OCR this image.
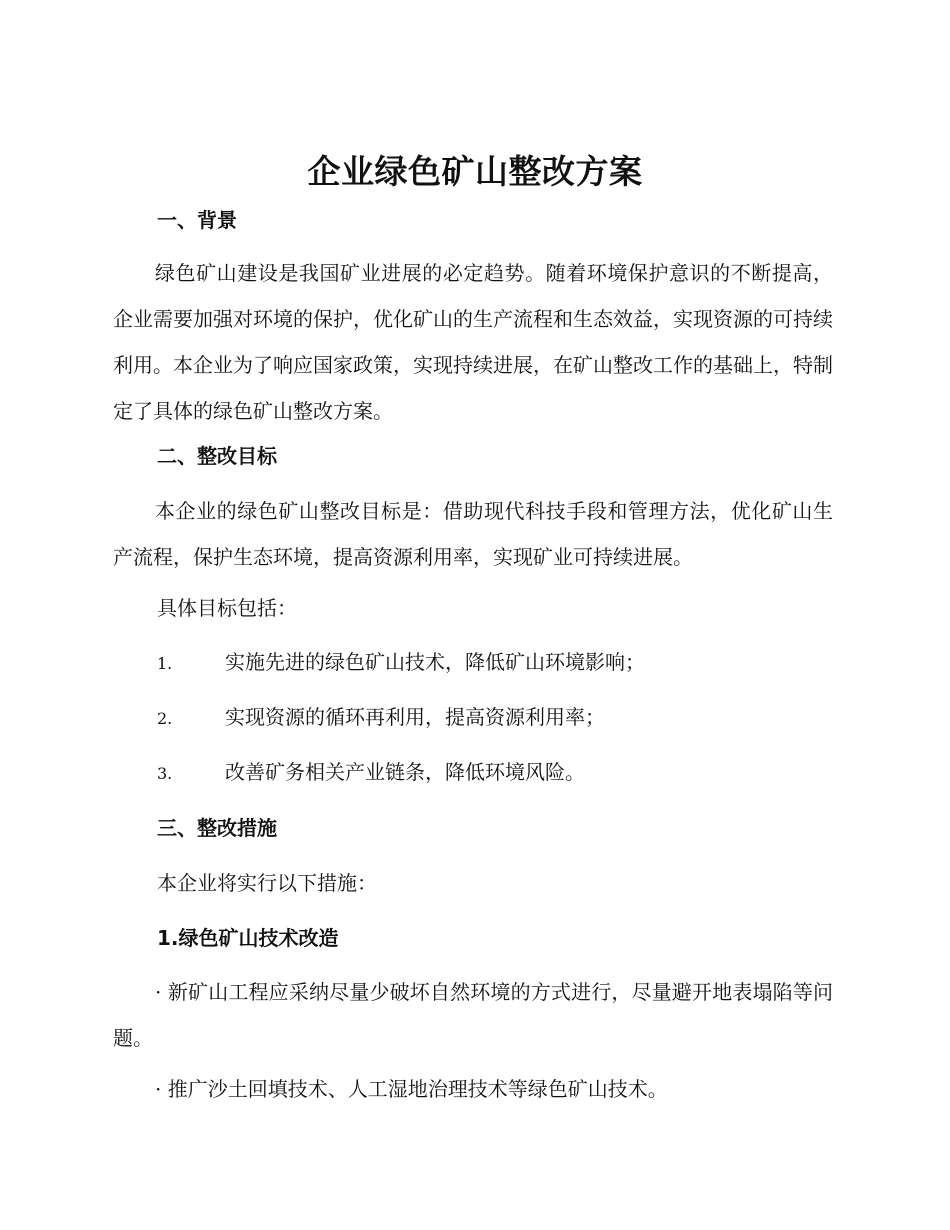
企业绿色矿山整改方案
一、背景

绿色矿山建设是我国矿业进展的必定趋势。随着环境保护意识的不断提高，企业需要加强对环境的保护，优化矿山的生产流程和生态效益，实现资源的可持续利用。本企业为了响应国家政策，实现持续进展，在矿山整改工作的基础上，特制定了具体的绿色矿山整改方案。

二、整改目标

本企业的绿色矿山整改目标是：借助现代科技手段和管理方法，优化矿山生产流程，保护生态环境，提高资源利用率，实现矿业可持续进展。

具体目标包括：
1.	实施先进的绿色矿山技术，降低矿山环境影响；
2.	实现资源的循环再利用，提高资源利用率；
3.	改善矿务相关产业链条，降低环境风险。
三、整改措施
本企业将实行以下措施：
1.绿色矿山技术改造

· 新矿山工程应采纳尽量少破坏自然环境的方式进行，尽量避开地表塌陷等问题。

· 推广沙土回填技术、人工湿地治理技术等绿色矿山技术。
